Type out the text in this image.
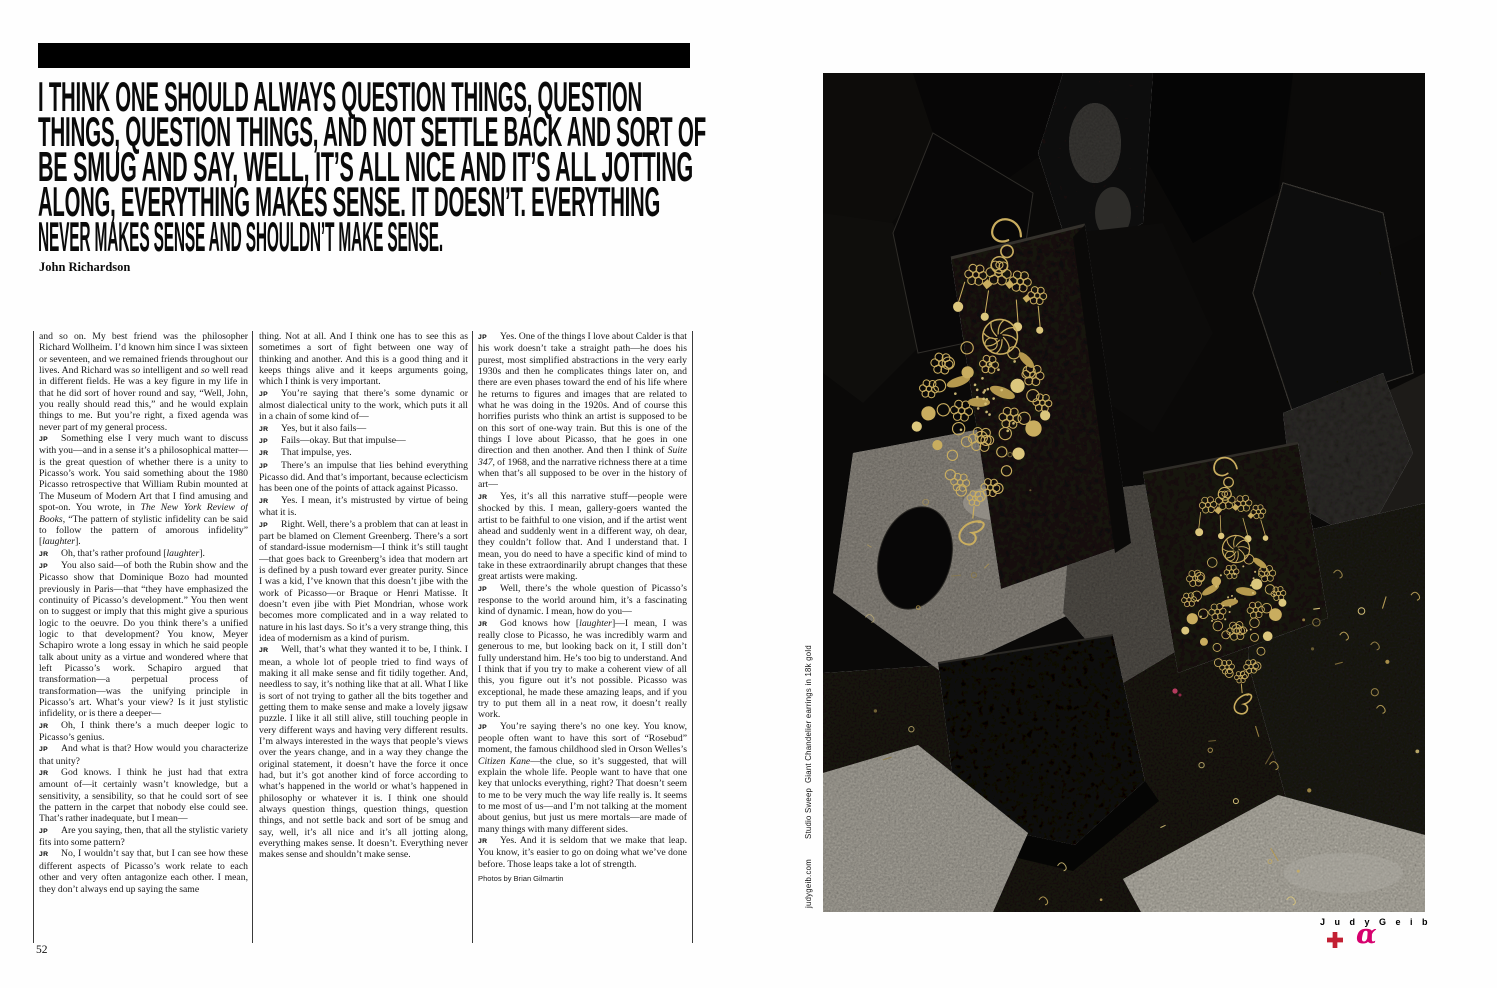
I THINK ONE SHOULD ALWAYS QUESTION THINGS, QUESTION
THINGS, QUESTION THINGS, AND NOT SETTLE BACK AND SORT OF
BE SMUG AND SAY, WELL, IT’S ALL NICE AND IT’S ALL JOTTING
ALONG, EVERYTHING MAKES SENSE. IT DOESN’T. EVERYTHING
NEVER MAKES SENSE AND SHOULDN’T MAKE SENSE.
John Richardson

and so on. My best friend was the philosopher Richard Wollheim. I’d known him since I was sixteen or seventeen, and we remained friends throughout our lives. And Richard was so intelligent and so well read in different fields. He was a key figure in my life in that he did sort of hover round and say, “Well, John, you really should read this,” and he would explain things to me. But you’re right, a fixed agenda was never part of my general process.

JP Something else I very much want to discuss with you—and in a sense it’s a philosophical matter—is the great question of whether there is a unity to Picasso’s work. You said something about the 1980 Picasso retrospective that William Rubin mounted at The Museum of Modern Art that I find amusing and spot-on. You wrote, in The New York Review of Books, “The pattern of stylistic infidelity can be said to follow the pattern of amorous infidelity” [laughter].

JR Oh, that’s rather profound [laughter].

JP You also said—of both the Rubin show and the Picasso show that Dominique Bozo had mounted previously in Paris—that “they have emphasized the continuity of Picasso’s development.” You then went on to suggest or imply that this might give a spurious logic to the oeuvre. Do you think there’s a unified logic to that development? You know, Meyer Schapiro wrote a long essay in which he said people talk about unity as a virtue and wondered where that left Picasso’s work. Schapiro argued that transformation—a perpetual process of transformation—was the unifying principle in Picasso’s art. What’s your view? Is it just stylistic infidelity, or is there a deeper—

JR Oh, I think there’s a much deeper logic to Picasso’s genius.

JP And what is that? How would you characterize that unity?

JR God knows. I think he just had that extra amount of—it certainly wasn’t knowledge, but a sensitivity, a sensibility, so that he could sort of see the pattern in the carpet that nobody else could see. That’s rather inadequate, but I mean—

JP Are you saying, then, that all the stylistic variety fits into some pattern?

JR No, I wouldn’t say that, but I can see how these different aspects of Picasso’s work relate to each other and very often antagonize each other. I mean, they don’t always end up saying the same

thing. Not at all. And I think one has to see this as sometimes a sort of fight between one way of thinking and another. And this is a good thing and it keeps things alive and it keeps arguments going, which I think is very important.

JP You’re saying that there’s some dynamic or almost dialectical unity to the work, which puts it all in a chain of some kind of—

JR Yes, but it also fails—

JP Fails—okay. But that impulse—

JR That impulse, yes.

JP There’s an impulse that lies behind everything Picasso did. And that’s important, because eclecticism has been one of the points of attack against Picasso.

JR Yes. I mean, it’s mistrusted by virtue of being what it is.

JP Right. Well, there’s a problem that can at least in part be blamed on Clement Greenberg. There’s a sort of standard-issue modernism—I think it’s still taught—that goes back to Greenberg’s idea that modern art is defined by a push toward ever greater purity. Since I was a kid, I’ve known that this doesn’t jibe with the work of Picasso—or Braque or Henri Matisse. It doesn’t even jibe with Piet Mondrian, whose work becomes more complicated and in a way related to nature in his last days. So it’s a very strange thing, this idea of modernism as a kind of purism.

JR Well, that’s what they wanted it to be, I think. I mean, a whole lot of people tried to find ways of making it all make sense and fit tidily together. And, needless to say, it’s nothing like that at all. What I like is sort of not trying to gather all the bits together and getting them to make sense and make a lovely jigsaw puzzle. I like it all still alive, still touching people in very different ways and having very different results. I’m always interested in the ways that people’s views over the years change, and in a way they change the original statement, it doesn’t have the force it once had, but it’s got another kind of force according to what’s happened in the world or what’s happened in philosophy or whatever it is. I think one should always question things, question things, question things, and not settle back and sort of be smug and say, well, it’s all nice and it’s all jotting along, everything makes sense. It doesn’t. Everything never makes sense and shouldn’t make sense.

JP Yes. One of the things I love about Calder is that his work doesn’t take a straight path—he does his purest, most simplified abstractions in the very early 1930s and then he complicates things later on, and there are even phases toward the end of his life where he returns to figures and images that are related to what he was doing in the 1920s. And of course this horrifies purists who think an artist is supposed to be on this sort of one-way train. But this is one of the things I love about Picasso, that he goes in one direction and then another. And then I think of Suite 347, of 1968, and the narrative richness there at a time when that’s all supposed to be over in the history of art—

JR Yes, it’s all this narrative stuff—people were shocked by this. I mean, gallery-goers wanted the artist to be faithful to one vision, and if the artist went ahead and suddenly went in a different way, oh dear, they couldn’t follow that. And I understand that. I mean, you do need to have a specific kind of mind to take in these extraordinarily abrupt changes that these great artists were making.

JP Well, there’s the whole question of Picasso’s response to the world around him, it’s a fascinating kind of dynamic. I mean, how do you—

JR God knows how [laughter]—I mean, I was really close to Picasso, he was incredibly warm and generous to me, but looking back on it, I still don’t fully understand him. He’s too big to understand. And I think that if you try to make a coherent view of all this, you figure out it’s not possible. Picasso was exceptional, he made these amazing leaps, and if you try to put them all in a neat row, it doesn’t really work.

JP You’re saying there’s no one key. You know, people often want to have this sort of “Rosebud” moment, the famous childhood sled in Orson Welles’s Citizen Kane—the clue, so it’s suggested, that will explain the whole life. People want to have that one key that unlocks everything, right? That doesn’t seem to me to be very much the way life really is. It seems to me most of us—and I’m not talking at the moment about genius, but just us mere mortals—are made of many things with many different sides.

JR Yes. And it is seldom that we make that leap. You know, it’s easier to go on doing what we’ve done before. Those leaps take a lot of strength.

Photos by Brian Gilmartin
52
judygeib.comStudio Sweep  Giant Chandelier earrings in 18k gold
J u d y G e i b
α
